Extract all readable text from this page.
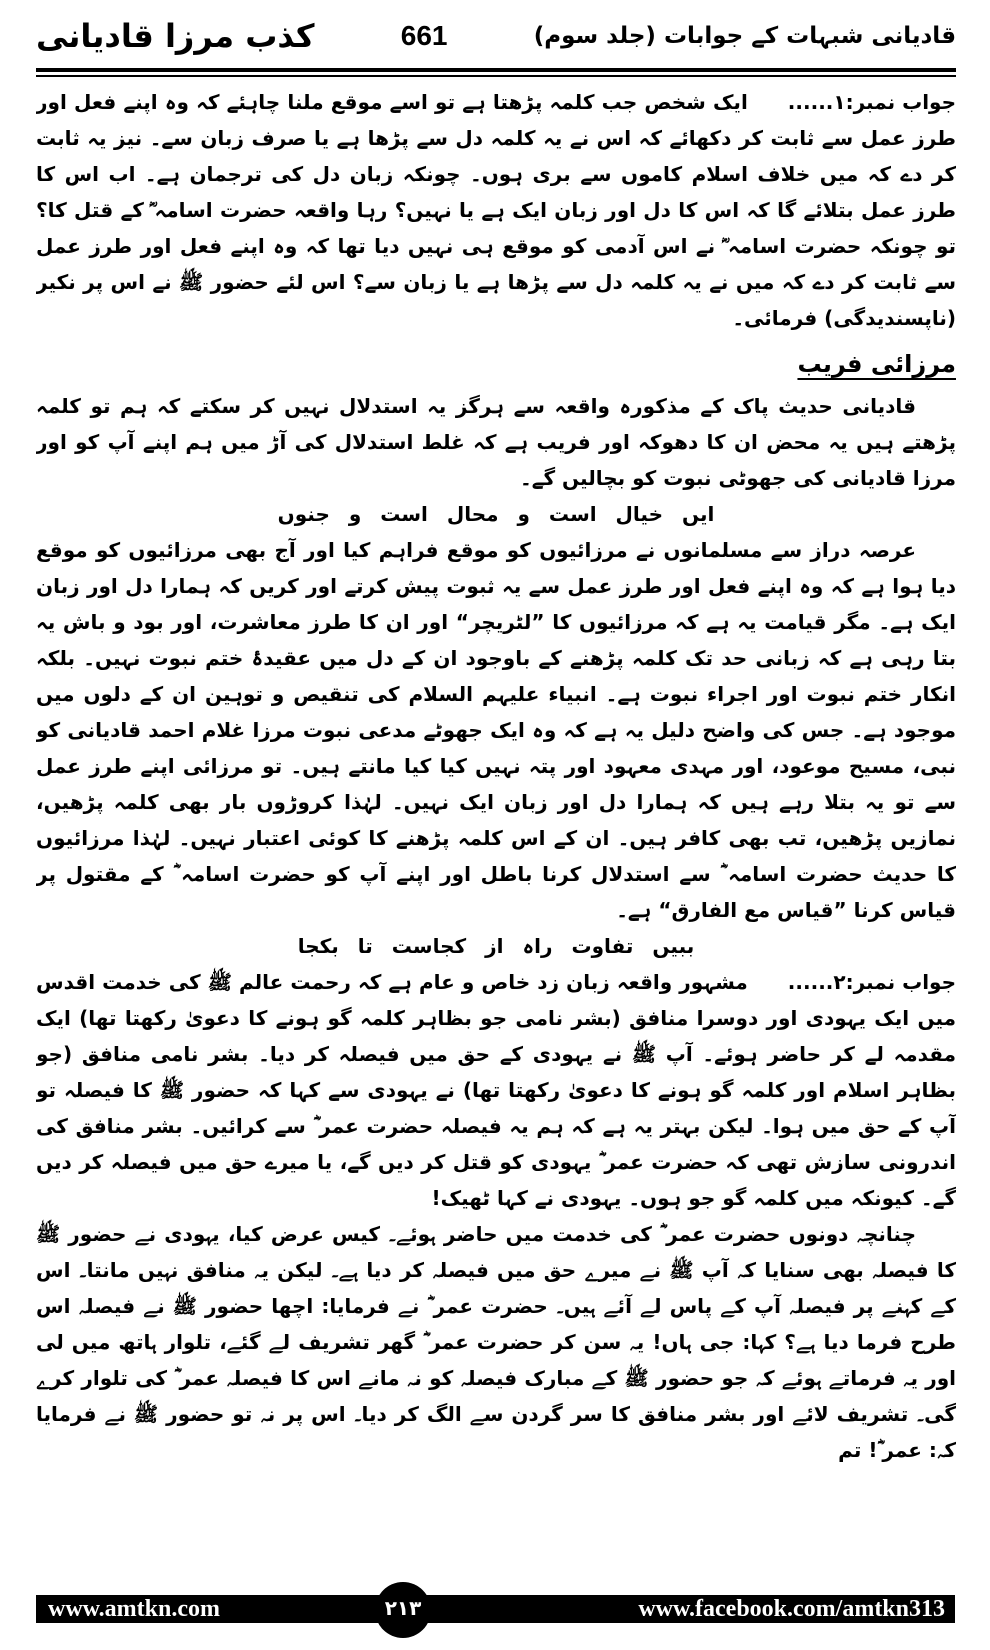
کذب مرزا قادیانی	661	قادیانی شبہات کے جوابات (جلد سوم)

جواب نمبر:۱......ایک شخص جب کلمہ پڑھتا ہے تو اسے موقع ملنا چاہئے کہ وہ اپنے فعل اور طرز عمل سے ثابت کر دکھائے کہ اس نے یہ کلمہ دل سے پڑھا ہے یا صرف زبان سے۔ نیز یہ ثابت کر دے کہ میں خلاف اسلام کاموں سے بری ہوں۔ چونکہ زبان دل کی ترجمان ہے۔ اب اس کا طرز عمل بتلائے گا کہ اس کا دل اور زبان ایک ہے یا نہیں؟ رہا واقعہ حضرت اسامہ ؓ کے قتل کا؟ تو چونکہ حضرت اسامہ ؓ نے اس آدمی کو موقع ہی نہیں دیا تھا کہ وہ اپنے فعل اور طرز عمل سے ثابت کر دے کہ میں نے یہ کلمہ دل سے پڑھا ہے یا زبان سے؟ اس لئے حضور ﷺ نے اس پر نکیر (ناپسندیدگی) فرمائی۔

مرزائی فریب

قادیانی حدیث پاک کے مذکورہ واقعہ سے ہرگز یہ استدلال نہیں کر سکتے کہ ہم تو کلمہ پڑھتے ہیں یہ محض ان کا دھوکہ اور فریب ہے کہ غلط استدلال کی آڑ میں ہم اپنے آپ کو اور مرزا قادیانی کی جھوٹی نبوت کو بچالیں گے۔

ایں خیال است و محال است و جنوں

عرصہ دراز سے مسلمانوں نے مرزائیوں کو موقع فراہم کیا اور آج بھی مرزائیوں کو موقع دیا ہوا ہے کہ وہ اپنے فعل اور طرز عمل سے یہ ثبوت پیش کرتے اور کریں کہ ہمارا دل اور زبان ایک ہے۔ مگر قیامت یہ ہے کہ مرزائیوں کا ”لٹریچر“ اور ان کا طرز معاشرت، اور بود و باش یہ بتا رہی ہے کہ زبانی حد تک کلمہ پڑھنے کے باوجود ان کے دل میں عقیدۂ ختم نبوت نہیں۔ بلکہ انکار ختم نبوت اور اجراء نبوت ہے۔ انبیاء علیہم السلام کی تنقیص و توہین ان کے دلوں میں موجود ہے۔ جس کی واضح دلیل یہ ہے کہ وہ ایک جھوٹے مدعی نبوت مرزا غلام احمد قادیانی کو نبی، مسیح موعود، اور مہدی معہود اور پتہ نہیں کیا کیا مانتے ہیں۔ تو مرزائی اپنے طرز عمل سے تو یہ بتلا رہے ہیں کہ ہمارا دل اور زبان ایک نہیں۔ لہٰذا کروڑوں بار بھی کلمہ پڑھیں، نمازیں پڑھیں، تب بھی کافر ہیں۔ ان کے اس کلمہ پڑھنے کا کوئی اعتبار نہیں۔ لہٰذا مرزائیوں کا حدیث حضرت اسامہ ؓ سے استدلال کرنا باطل اور اپنے آپ کو حضرت اسامہ ؓ کے مقتول پر قیاس کرنا ”قیاس مع الفارق“ ہے۔

ببیں تفاوت راہ از کجاست تا بکجا

جواب نمبر:۲......مشہور واقعہ زبان زد خاص و عام ہے کہ رحمت عالم ﷺ کی خدمت اقدس میں ایک یہودی اور دوسرا منافق (بشر نامی جو بظاہر کلمہ گو ہونے کا دعویٰ رکھتا تھا) ایک مقدمہ لے کر حاضر ہوئے۔ آپ ﷺ نے یہودی کے حق میں فیصلہ کر دیا۔ بشر نامی منافق (جو بظاہر اسلام اور کلمہ گو ہونے کا دعویٰ رکھتا تھا) نے یہودی سے کہا کہ حضور ﷺ کا فیصلہ تو آپ کے حق میں ہوا۔ لیکن بہتر یہ ہے کہ ہم یہ فیصلہ حضرت عمر ؓ سے کرائیں۔ بشر منافق کی اندرونی سازش تھی کہ حضرت عمر ؓ یہودی کو قتل کر دیں گے، یا میرے حق میں فیصلہ کر دیں گے۔ کیونکہ میں کلمہ گو جو ہوں۔ یہودی نے کہا ٹھیک!

چنانچہ دونوں حضرت عمر ؓ کی خدمت میں حاضر ہوئے۔ کیس عرض کیا، یہودی نے حضور ﷺ کا فیصلہ بھی سنایا کہ آپ ﷺ نے میرے حق میں فیصلہ کر دیا ہے۔ لیکن یہ منافق نہیں مانتا۔ اس کے کہنے پر فیصلہ آپ کے پاس لے آئے ہیں۔ حضرت عمر ؓ نے فرمایا: اچھا حضور ﷺ نے فیصلہ اس طرح فرما دیا ہے؟ کہا: جی ہاں! یہ سن کر حضرت عمر ؓ گھر تشریف لے گئے، تلوار ہاتھ میں لی اور یہ فرماتے ہوئے کہ جو حضور ﷺ کے مبارک فیصلہ کو نہ مانے اس کا فیصلہ عمر ؓ کی تلوار کرے گی۔ تشریف لائے اور بشر منافق کا سر گردن سے الگ کر دیا۔ اس پر نہ تو حضور ﷺ نے فرمایا کہ: عمر ؓ! تم

www.amtkn.com	۲۱۳	www.facebook.com/amtkn313
